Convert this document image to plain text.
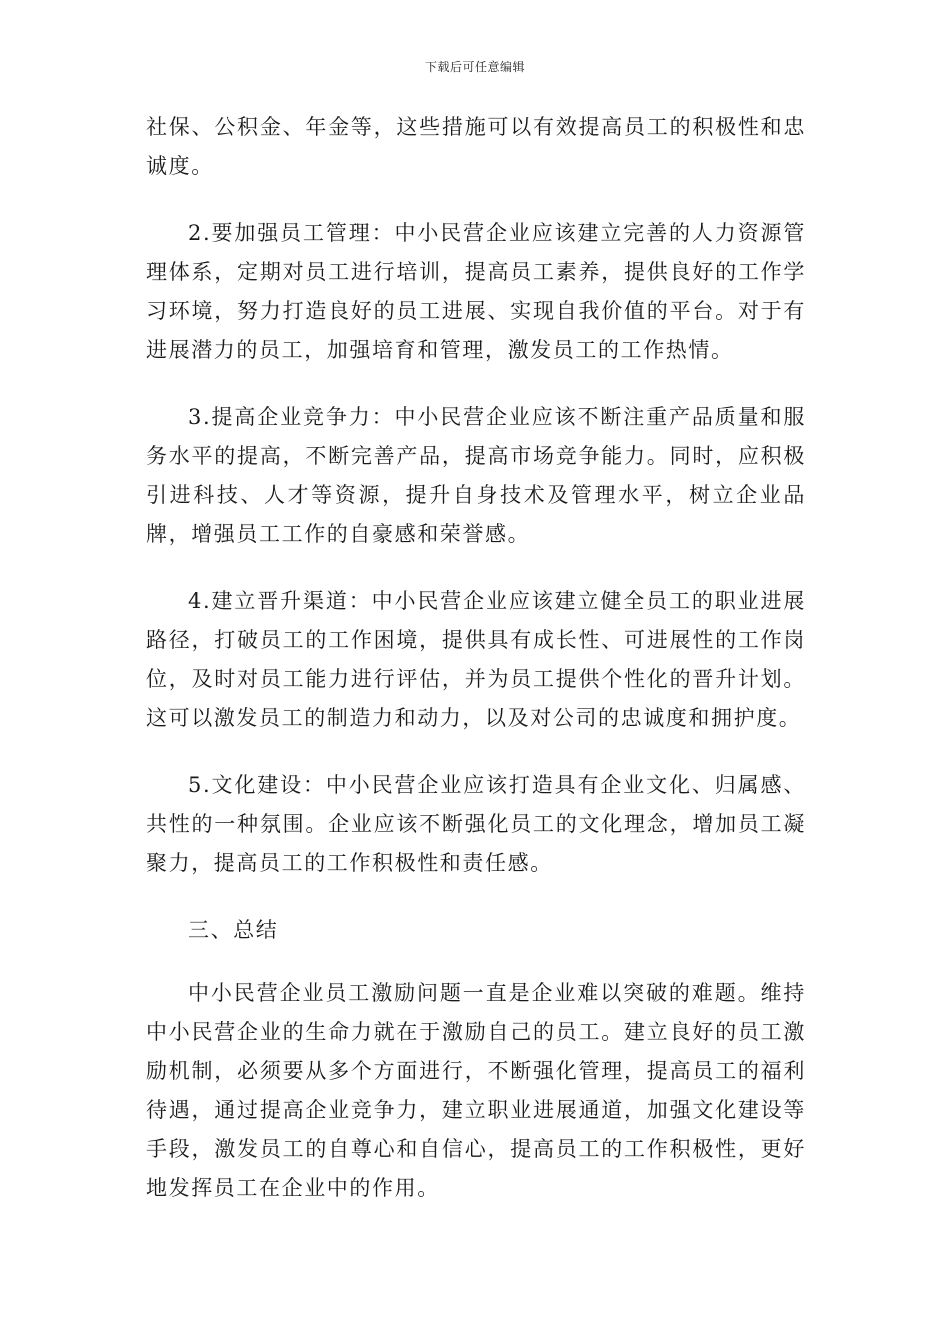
下载后可任意编辑

社保、公积金、年金等，这些措施可以有效提高员工的积极性和忠诚度。

2.要加强员工管理：中小民营企业应该建立完善的人力资源管理体系，定期对员工进行培训，提高员工素养，提供良好的工作学习环境，努力打造良好的员工进展、实现自我价值的平台。对于有进展潜力的员工，加强培育和管理，激发员工的工作热情。

3.提高企业竞争力：中小民营企业应该不断注重产品质量和服务水平的提高，不断完善产品，提高市场竞争能力。同时，应积极引进科技、人才等资源，提升自身技术及管理水平，树立企业品牌，增强员工工作的自豪感和荣誉感。

4.建立晋升渠道：中小民营企业应该建立健全员工的职业进展路径，打破员工的工作困境，提供具有成长性、可进展性的工作岗位，及时对员工能力进行评估，并为员工提供个性化的晋升计划。这可以激发员工的制造力和动力，以及对公司的忠诚度和拥护度。

5.文化建设：中小民营企业应该打造具有企业文化、归属感、共性的一种氛围。企业应该不断强化员工的文化理念，增加员工凝聚力，提高员工的工作积极性和责任感。

三、总结

中小民营企业员工激励问题一直是企业难以突破的难题。维持中小民营企业的生命力就在于激励自己的员工。建立良好的员工激励机制，必须要从多个方面进行，不断强化管理，提高员工的福利待遇，通过提高企业竞争力，建立职业进展通道，加强文化建设等手段，激发员工的自尊心和自信心，提高员工的工作积极性，更好地发挥员工在企业中的作用。
